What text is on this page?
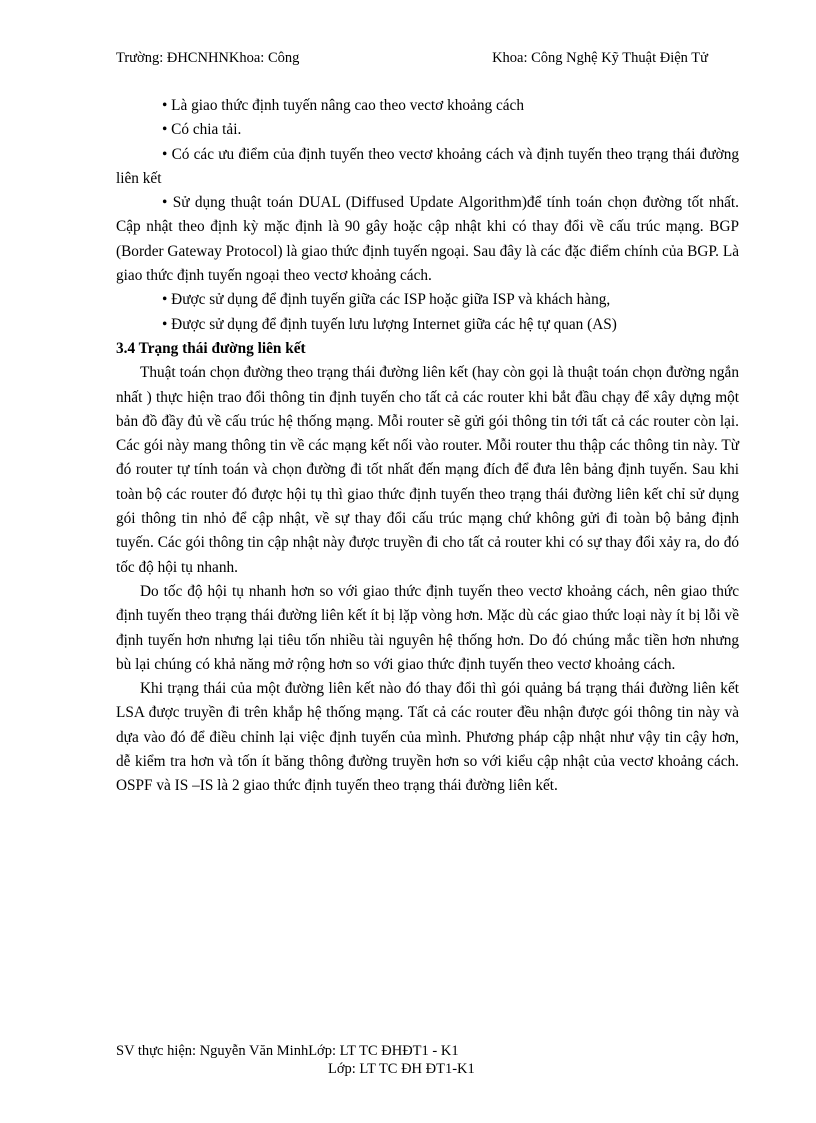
Trường: ĐHCNHNKhoa: Công	Khoa: Công Nghệ Kỹ Thuật Điện Tử

• Là giao thức định tuyến nâng cao theo vectơ khoảng cách

• Có chia tải.

• Có các ưu điểm của định tuyến theo vectơ khoảng cách và định tuyến theo trạng thái đường liên kết

• Sử dụng thuật toán DUAL (Diffused Update Algorithm)để tính toán chọn đường tốt nhất. Cập nhật theo định kỳ mặc định là 90 gây hoặc cập nhật khi có thay đổi về cấu trúc mạng. BGP (Border Gateway Protocol) là giao thức định tuyến ngoại. Sau đây là các đặc điểm chính của BGP. Là giao thức định tuyến ngoại theo vectơ khoảng cách.

• Được sử dụng để định tuyến giữa các ISP hoặc giữa ISP và khách hàng,

• Được sử dụng để định tuyến lưu lượng Internet giữa các hệ tự quan (AS)

3.4 Trạng thái đường liên kết

Thuật toán chọn đường theo trạng thái đường liên kết (hay còn gọi là thuật toán chọn đường ngắn nhất ) thực hiện trao đổi thông tin định tuyến cho tất cả các router khi bắt đầu chạy để xây dựng một bản đồ đầy đủ về cấu trúc hệ thống mạng. Mỗi router sẽ gửi gói thông tin tới tất cả các router còn lại. Các gói này mang thông tin về các mạng kết nối vào router. Mỗi router thu thập các thông tin này. Từ đó router tự tính toán và chọn đường đi tốt nhất đến mạng đích để đưa lên bảng định tuyến. Sau khi toàn bộ các router đó được hội tụ thì giao thức định tuyến theo trạng thái đường liên kết chỉ sử dụng gói thông tin nhỏ để cập nhật, về sự thay đổi cấu trúc mạng chứ không gửi đi toàn bộ bảng định tuyến. Các gói thông tin cập nhật này được truyền đi cho tất cả router khi có sự thay đổi xảy ra, do đó tốc độ hội tụ nhanh.

Do tốc độ hội tụ nhanh hơn so với giao thức định tuyến theo vectơ khoảng cách, nên giao thức định tuyến theo trạng thái đường liên kết ít bị lặp vòng hơn. Mặc dù các giao thức loại này ít bị lỗi về định tuyến hơn nhưng lại tiêu tốn nhiều tài nguyên hệ thống hơn. Do đó chúng mắc tiền hơn nhưng bù lại chúng có khả năng mở rộng hơn so với giao thức định tuyến theo vectơ khoảng cách.

Khi trạng thái của một đường liên kết nào đó thay đổi thì gói quảng bá trạng thái đường liên kết LSA được truyền đi trên khắp hệ thống mạng. Tất cả các router đều nhận được gói thông tin này và dựa vào đó để điều chỉnh lại việc định tuyến của mình. Phương pháp cập nhật như vậy tin cậy hơn, dễ kiểm tra hơn và tốn ít băng thông đường truyền hơn so với kiểu cập nhật của vectơ khoảng cách. OSPF và IS –IS là 2 giao thức định tuyến theo trạng thái đường liên kết.

SV thực hiện: Nguyễn Văn MinhLớp: LT TC ĐHĐT1 - K1
Lớp: LT TC ĐH ĐT1-K1
